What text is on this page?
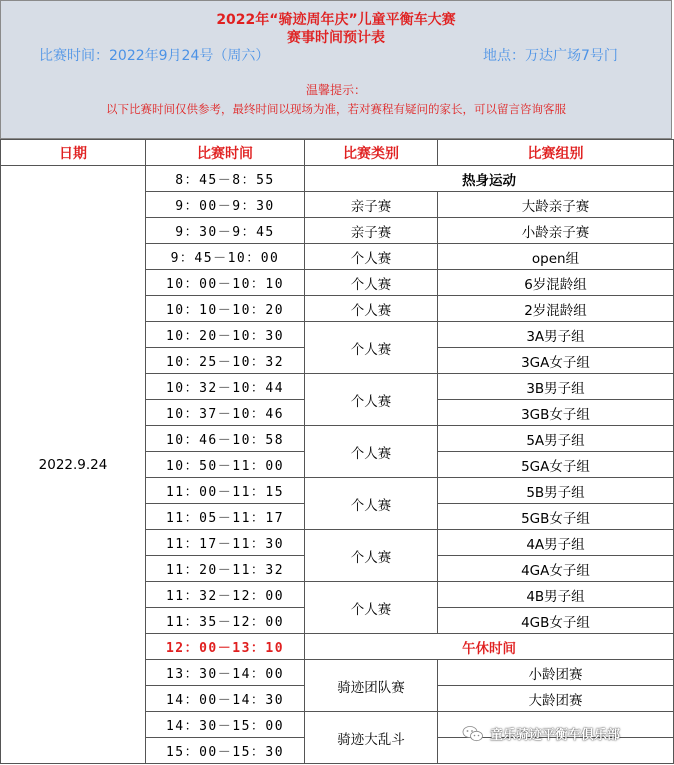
2022年“骑迹周年庆”儿童平衡车大赛
赛事时间预计表
比赛时间：2022年9月24号（周六）	地点：万达广场7号门
温馨提示：
以下比赛时间仅供参考，最终时间以现场为准，若对赛程有疑问的家长，可以留言咨询客服
日期	比赛时间	比赛类别	比赛组别
2022.9.24	8：45－8：55	热身运动	
	9：00－9：30	亲子赛	大龄亲子赛
	9：30－9：45	亲子赛	小龄亲子赛
	9：45－10：00	个人赛	open组
	10：00－10：10	个人赛	6岁混龄组
	10：10－10：20	个人赛	2岁混龄组
	10：20－10：30	个人赛	3A男子组
	10：25－10：32		3GA女子组
	10：32－10：44	个人赛	3B男子组
	10：37－10：46		3GB女子组
	10：46－10：58	个人赛	5A男子组
	10：50－11：00		5GA女子组
	11：00－11：15	个人赛	5B男子组
	11：05－11：17		5GB女子组
	11：17－11：30	个人赛	4A男子组
	11：20－11：32		4GA女子组
	11：32－12：00	个人赛	4B男子组
	11：35－12：00		4GB女子组
	12：00－13：10	午休时间	
	13：30－14：00	骑迹团队赛	小龄团赛
	14：00－14：30		大龄团赛
	14：30－15：00	骑迹大乱斗	
	15：00－15：30		
童乐骑迹平衡车俱乐部
